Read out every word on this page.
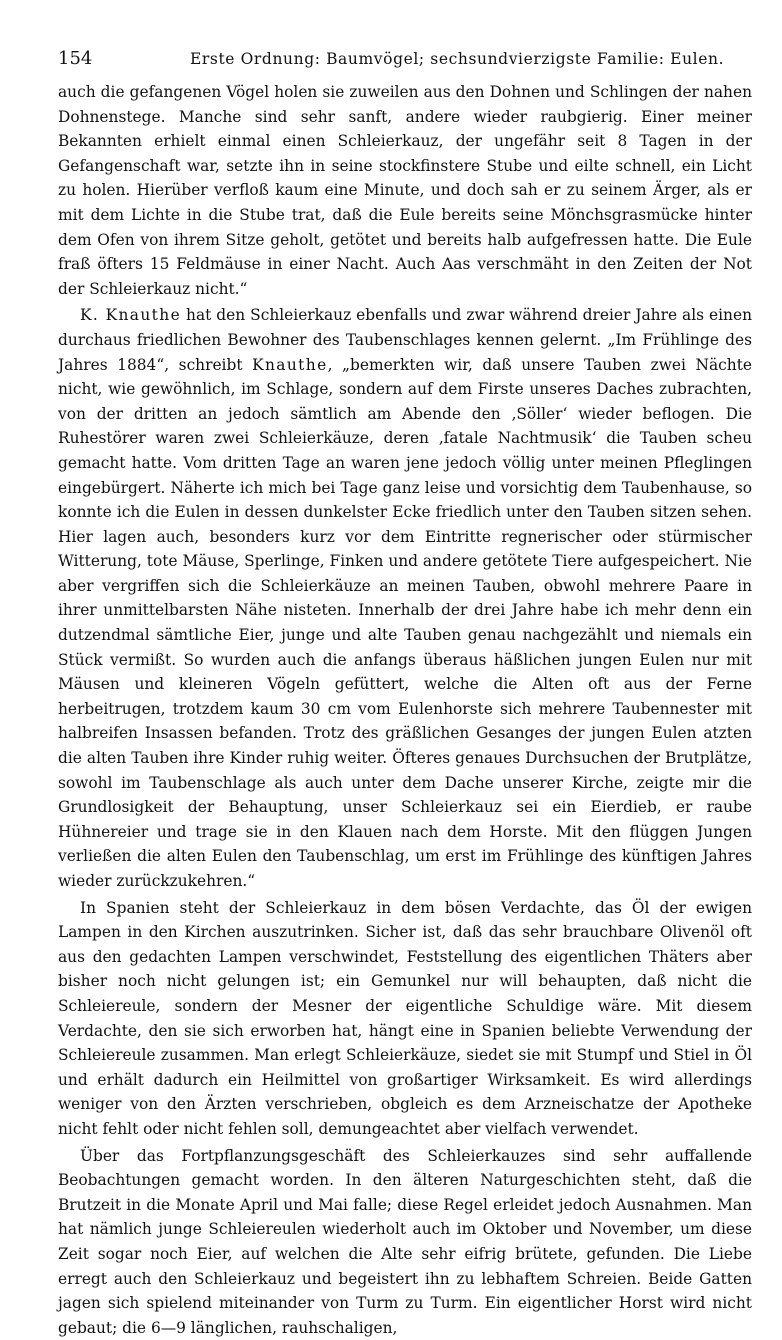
154	Erste Ordnung: Baumvögel; sechsundvierzigste Familie: Eulen.

auch die gefangenen Vögel holen sie zuweilen aus den Dohnen und Schlingen der nahen Dohnenstege. Manche sind sehr sanft, andere wieder raubgierig. Einer meiner Bekannten erhielt einmal einen Schleierkauz, der ungefähr seit 8 Tagen in der Gefangenschaft war, setzte ihn in seine stockfinstere Stube und eilte schnell, ein Licht zu holen. Hierüber verfloß kaum eine Minute, und doch sah er zu seinem Ärger, als er mit dem Lichte in die Stube trat, daß die Eule bereits seine Mönchsgrasmücke hinter dem Ofen von ihrem Sitze geholt, getötet und bereits halb aufgefressen hatte. Die Eule fraß öfters 15 Feldmäuse in einer Nacht. Auch Aas verschmäht in den Zeiten der Not der Schleierkauz nicht.“

K. Knauthe hat den Schleierkauz ebenfalls und zwar während dreier Jahre als einen durchaus friedlichen Bewohner des Taubenschlages kennen gelernt. „Im Frühlinge des Jahres 1884“, schreibt Knauthe, „bemerkten wir, daß unsere Tauben zwei Nächte nicht, wie gewöhnlich, im Schlage, sondern auf dem Firste unseres Daches zubrachten, von der dritten an jedoch sämtlich am Abende den ‚Söller‘ wieder beflogen. Die Ruhestörer waren zwei Schleierkäuze, deren ‚fatale Nachtmusik‘ die Tauben scheu gemacht hatte. Vom dritten Tage an waren jene jedoch völlig unter meinen Pfleglingen eingebürgert. Näherte ich mich bei Tage ganz leise und vorsichtig dem Taubenhause, so konnte ich die Eulen in dessen dunkelster Ecke friedlich unter den Tauben sitzen sehen. Hier lagen auch, besonders kurz vor dem Eintritte regnerischer oder stürmischer Witterung, tote Mäuse, Sperlinge, Finken und andere getötete Tiere aufgespeichert. Nie aber vergriffen sich die Schleierkäuze an meinen Tauben, obwohl mehrere Paare in ihrer unmittelbarsten Nähe nisteten. Innerhalb der drei Jahre habe ich mehr denn ein dutzendmal sämtliche Eier, junge und alte Tauben genau nachgezählt und niemals ein Stück vermißt. So wurden auch die anfangs überaus häßlichen jungen Eulen nur mit Mäusen und kleineren Vögeln gefüttert, welche die Alten oft aus der Ferne herbeitrugen, trotzdem kaum 30 cm vom Eulenhorste sich mehrere Taubennester mit halbreifen Insassen befanden. Trotz des gräßlichen Gesanges der jungen Eulen atzten die alten Tauben ihre Kinder ruhig weiter. Öfteres genaues Durchsuchen der Brutplätze, sowohl im Taubenschlage als auch unter dem Dache unserer Kirche, zeigte mir die Grundlosigkeit der Behauptung, unser Schleierkauz sei ein Eierdieb, er raube Hühnereier und trage sie in den Klauen nach dem Horste. Mit den flüggen Jungen verließen die alten Eulen den Taubenschlag, um erst im Frühlinge des künftigen Jahres wieder zurückzukehren.“

In Spanien steht der Schleierkauz in dem bösen Verdachte, das Öl der ewigen Lampen in den Kirchen auszutrinken. Sicher ist, daß das sehr brauchbare Olivenöl oft aus den gedachten Lampen verschwindet, Feststellung des eigentlichen Thäters aber bisher noch nicht gelungen ist; ein Gemunkel nur will behaupten, daß nicht die Schleiereule, sondern der Mesner der eigentliche Schuldige wäre. Mit diesem Verdachte, den sie sich erworben hat, hängt eine in Spanien beliebte Verwendung der Schleiereule zusammen. Man erlegt Schleierkäuze, siedet sie mit Stumpf und Stiel in Öl und erhält dadurch ein Heilmittel von großartiger Wirksamkeit. Es wird allerdings weniger von den Ärzten verschrieben, obgleich es dem Arzneischatze der Apotheke nicht fehlt oder nicht fehlen soll, demungeachtet aber vielfach verwendet.

Über das Fortpflanzungsgeschäft des Schleierkauzes sind sehr auffallende Beobachtungen gemacht worden. In den älteren Naturgeschichten steht, daß die Brutzeit in die Monate April und Mai falle; diese Regel erleidet jedoch Ausnahmen. Man hat nämlich junge Schleiereulen wiederholt auch im Oktober und November, um diese Zeit sogar noch Eier, auf welchen die Alte sehr eifrig brütete, gefunden. Die Liebe erregt auch den Schleierkauz und begeistert ihn zu lebhaftem Schreien. Beide Gatten jagen sich spielend miteinander von Turm zu Turm. Ein eigentlicher Horst wird nicht gebaut; die 6—9 länglichen, rauhschaligen,
